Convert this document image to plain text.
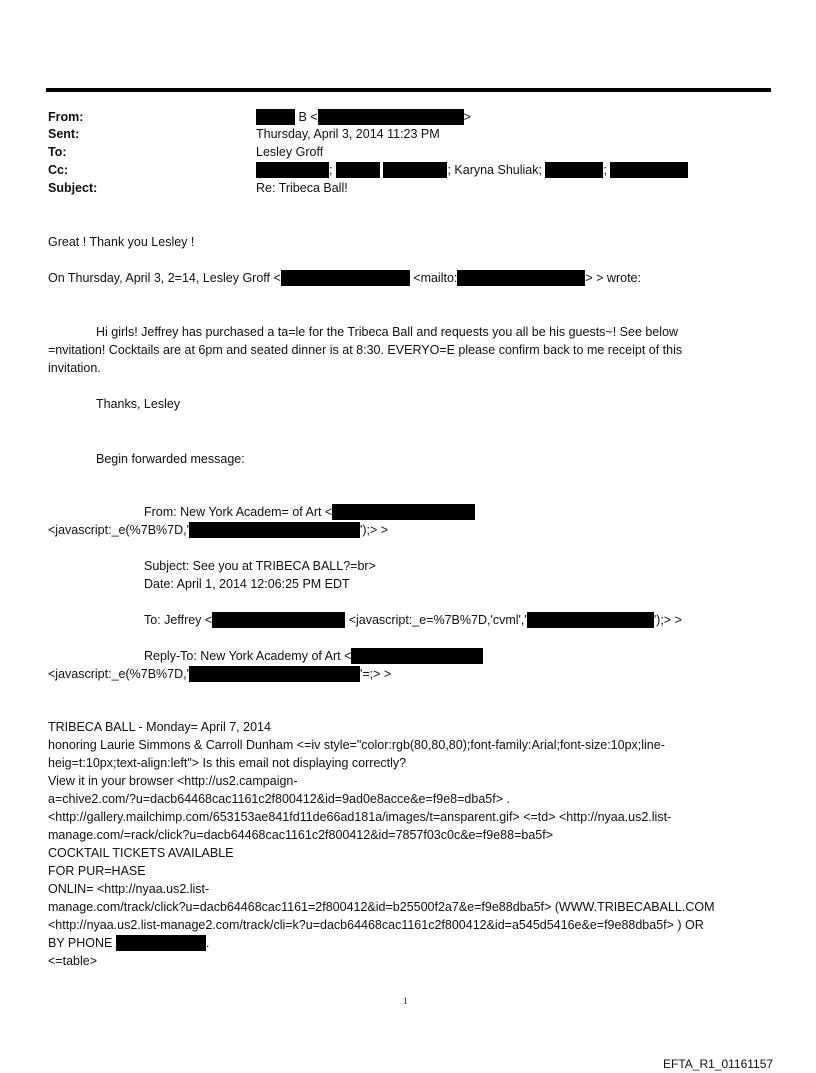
From:	B <	>
Sent:	Thursday, April 3, 2014 11:23 PM
To:	Lesley Groff
Cc:	;	; Karyna Shuliak;	;
Subject:	Re: Tribeca Ball!
Great ! Thank you Lesley !
On Thursday, April 3, 2=14, Lesley Groff <	<mailto:	> > wrote:
Hi girls! Jeffrey has purchased a ta=le for the Tribeca Ball and requests you all be his guests~! See below
=nvitation! Cocktails are at 6pm and seated dinner is at 8:30. EVERYO=E please confirm back to me receipt of this
invitation.
Thanks, Lesley
Begin forwarded message:
From: New York Academ= of Art <
<javascript:_e(%7B%7D,'	');> >
Subject: See you at TRIBECA BALL?=br>
Date: April 1, 2014 12:06:25 PM EDT
To: Jeffrey <	<javascript:_e=%7B%7D,'cvml','	');> >
Reply-To: New York Academy of Art <
<javascript:_e(%7B%7D,'	'=;> >
TRIBECA BALL - Monday= April 7, 2014
honoring Laurie Simmons & Carroll Dunham <=iv style="color:rgb(80,80,80);font-family:Arial;font-size:10px;line-
heig=t:10px;text-align:left"> Is this email not displaying correctly?
View it in your browser <http://us2.campaign-
a=chive2.com/?u=dacb64468cac1161c2f800412&id=9ad0e8acce&e=f9e8=dba5f> .
<http://gallery.mailchimp.com/653153ae841fd11de66ad181a/images/t=ansparent.gif> <=td> <http://nyaa.us2.list-
manage.com/=rack/click?u=dacb64468cac1161c2f800412&id=7857f03c0c&e=f9e88=ba5f>
COCKTAIL TICKETS AVAILABLE
FOR PUR=HASE
ONLIN= <http://nyaa.us2.list-
manage.com/track/click?u=dacb64468cac1161=2f800412&id=b25500f2a7&e=f9e88dba5f> (WWW.TRIBECABALL.COM
<http://nyaa.us2.list-manage2.com/track/cli=k?u=dacb64468cac1161c2f800412&id=a545d5416e&e=f9e88dba5f> ) OR
BY PHONE	.
<=table>
1
EFTA_R1_01161157
